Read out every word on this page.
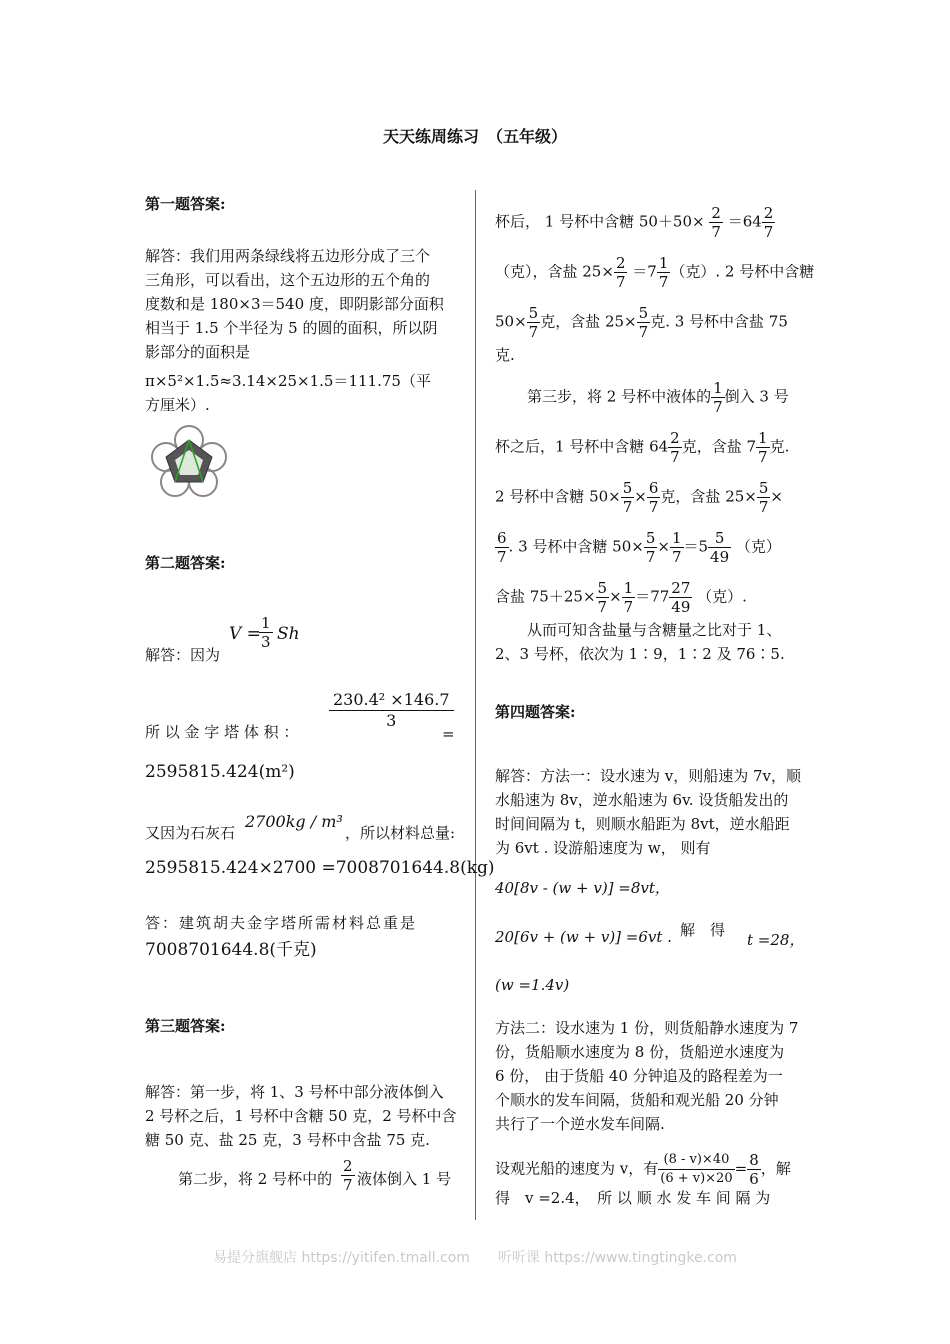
天天练周练习　（五年级）
第一题答案:
解答：我们用两条绿线将五边形分成了三个
三角形，可以看出，这个五边形的五个角的
度数和是 180×3＝540 度，即阴影部分面积
相当于 1.5 个半径为 5 的圆的面积，所以阴
影部分的面积是
π×5²×1.5≈3.14×25×1.5＝111.75（平
方厘米）.
第二题答案:
V =
$\frac{1}{3}$ Sh
解答：因为
$\frac{\text{230.4² ×146.7}}{3}$
所 以 金 字 塔 体 积 ：	=
2595815.424(m²)
又因为石灰石
2700kg / m³
，所以材料总量:
2595815.424×2700 =7008701644.8(kg)
答：建筑胡夫金字塔所需材料总重是
7008701644.8(千克)
第三题答案:
解答：第一步，将 1、3 号杯中部分液体倒入
2 号杯之后，1 号杯中含糖 50 克，2 号杯中含
糖 50 克、盐 25 克，3 号杯中含盐 75 克.
第二步，将 2 号杯中的 $\frac{2}{7}$ 液体倒入 1 号
杯后， 1 号杯中含糖 $50+50\times \frac{2}{7} =64 \frac{2}{7}$
（克），含盐 $25\times \frac{2}{7} =7 \frac{1}{7}$ （克）. 2 号杯中含糖
$50\times \frac{5}{7}$ 克，含盐 $25\times \frac{5}{7}$ 克. 3 号杯中含盐 75
克.
第三步，将 2 号杯中液体的 $\frac{1}{7}$ 倒入 3 号
杯之后，1 号杯中含糖 $64 \frac{2}{7}$ 克，含盐 $7 \frac{1}{7}$ 克.
2 号杯中含糖 $50\times \frac{5}{7} \times \frac{6}{7}$ 克，含盐 $25\times \frac{5}{7}$ ×
$\frac{6}{7}$ . 3 号杯中含糖 $50\times \frac{5}{7} \times \frac{1}{7} =5 \frac{5}{49}$ （克）
含盐 $75+25\times \frac{5}{7} \times \frac{1}{7} =77 \frac{27}{49}$ （克）.
从而可知含盐量与含糖量之比对于 1、
2、3 号杯，依次为 1∶9，1∶2 及 76∶5.
第四题答案:
解答：方法一：设水速为 v，则船速为 7v，顺
水船速为 8v，逆水船速为 6v. 设货船发出的
时间间隔为 t，则顺水船距为 8vt，逆水船距
为 6vt . 设游船速度为 w， 则有
40[8v - (w + v)] =8vt，
20[6v + (w + v)] =6vt . 解　得
t =28，
(w =1.4v)
方法二：设水速为 1 份，则货船静水速度为 7
份，货船顺水速度为 8 份，货船逆水速度为
6 份， 由于货船 40 分钟追及的路程差为一
个顺水的发车间隔，货船和观光船 20 分钟
共行了一个逆水发车间隔.
设观光船的速度为 v，有 $\frac{(8 - v)\times 40}{(6 + v)\times 20} = \frac{8}{6}$ ，解
得　v =2.4，　所 以 顺 水 发 车 间 隔 为
易提分旗舰店 https://yitifen.tmall.com　　听听课 https://www.tingtingke.com
